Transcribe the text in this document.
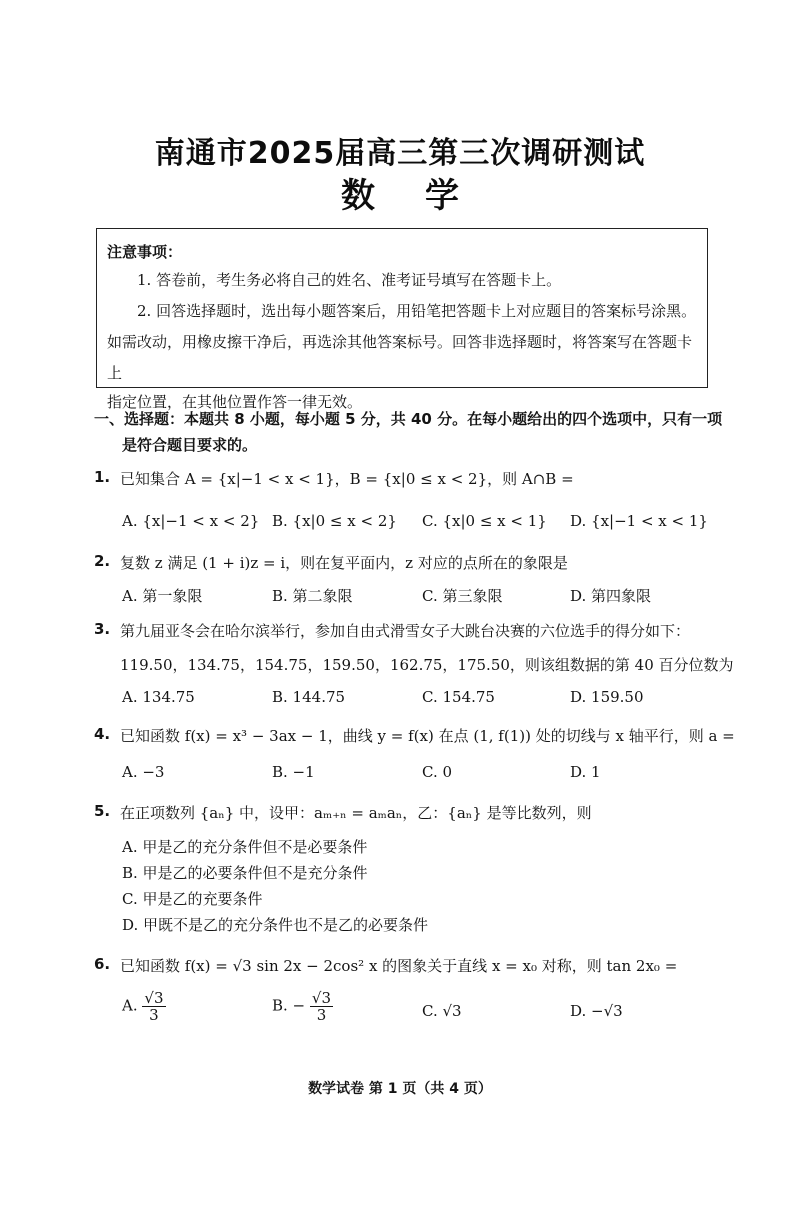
南通市2025届高三第三次调研测试
数学
注意事项：

1. 答卷前，考生务必将自己的姓名、准考证号填写在答题卡上。

2. 回答选择题时，选出每小题答案后，用铅笔把答题卡上对应题目的答案标号涂黑。

如需改动，用橡皮擦干净后，再选涂其他答案标号。回答非选择题时，将答案写在答题卡上

指定位置，在其他位置作答一律无效。

一、选择题：本题共 8 小题，每小题 5 分，共 40 分。在每小题给出的四个选项中，只有一项
是符合题目要求的。
1. 已知集合 A = {x|−1 < x < 1}，B = {x|0 ≤ x < 2}，则 A∩B =
A. {x|−1 < x < 2} B. {x|0 ≤ x < 2} C. {x|0 ≤ x < 1} D. {x|−1 < x < 1}
2. 复数 z 满足 (1 + i)z = i，则在复平面内，z 对应的点所在的象限是
A. 第一象限	B. 第二象限	C. 第三象限	D. 第四象限
3. 第九届亚冬会在哈尔滨举行，参加自由式滑雪女子大跳台决赛的六位选手的得分如下：
119.50，134.75，154.75，159.50，162.75，175.50，则该组数据的第 40 百分位数为
A. 134.75	B. 144.75	C. 154.75	D. 159.50
4. 已知函数 f(x) = x³ − 3ax − 1，曲线 y = f(x) 在点 (1, f(1)) 处的切线与 x 轴平行，则 a =
A. −3	B. −1	C. 0	D. 1
5. 在正项数列 {aₙ} 中，设甲：aₘ₊ₙ = aₘaₙ，乙：{aₙ} 是等比数列，则
A. 甲是乙的充分条件但不是必要条件
B. 甲是乙的必要条件但不是充分条件
C. 甲是乙的充要条件
D. 甲既不是乙的充分条件也不是乙的必要条件
6. 已知函数 f(x) = √3 sin 2x − 2cos² x 的图象关于直线 x = x₀ 对称，则 tan 2x₀ =
A. $\frac{√3}{3}$	B. − $\frac{√3}{3}$	C. √3	D. −√3
数学试卷 第 1 页（共 4 页）
